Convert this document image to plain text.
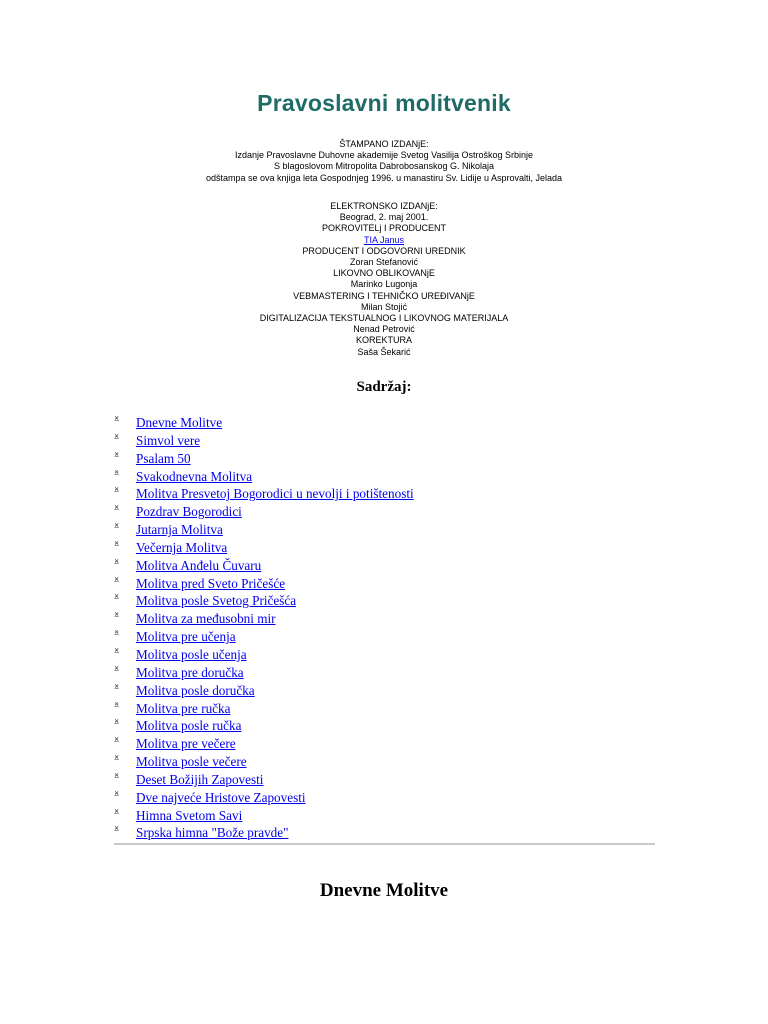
Pravoslavni molitvenik
ŠTAMPANO IZDANjE:
Izdanje Pravoslavne Duhovne akademije Svetog Vasilija Ostroškog Srbinje
S blagoslovom Mitropolita Dabrobosanskog G. Nikolaja
odštampa se ova knjiga leta Gospodnjeg 1996. u manastiru Sv. Lidije u Asprovalti, Jelada
ELEKTRONSKO IZDANjE:
Beograd, 2. maj 2001.
POKROVITELj I PRODUCENT
TIA Janus
PRODUCENT I ODGOVORNI UREDNIK
Zoran Stefanović
LIKOVNO OBLIKOVANjE
Marinko Lugonja
VEBMASTERING I TEHNIČKO UREĐIVANjE
Milan Stojić
DIGITALIZACIJA TEKSTUALNOG I LIKOVNOG MATERIJALA
Nenad Petrović
KOREKTURA
Saša Šekarić
Sadržaj:
⨱ Dnevne Molitve
⨱ Simvol vere
⨱ Psalam 50
⨱ Svakodnevna Molitva
⨱ Molitva Presvetoj Bogorodici u nevolji i potištenosti
⨱ Pozdrav Bogorodici
⨱ Jutarnja Molitva
⨱ Večernja Molitva
⨱ Molitva Anđelu Čuvaru
⨱ Molitva pred Sveto Pričešće
⨱ Molitva posle Svetog Pričešća
⨱ Molitva za međusobni mir
⨱ Molitva pre učenja
⨱ Molitva posle učenja
⨱ Molitva pre doručka
⨱ Molitva posle doručka
⨱ Molitva pre ručka
⨱ Molitva posle ručka
⨱ Molitva pre večere
⨱ Molitva posle večere
⨱ Deset Božijih Zapovesti
⨱ Dve najveće Hristove Zapovesti
⨱ Himna Svetom Savi
⨱ Srpska himna "Bože pravde"
Dnevne Molitve
